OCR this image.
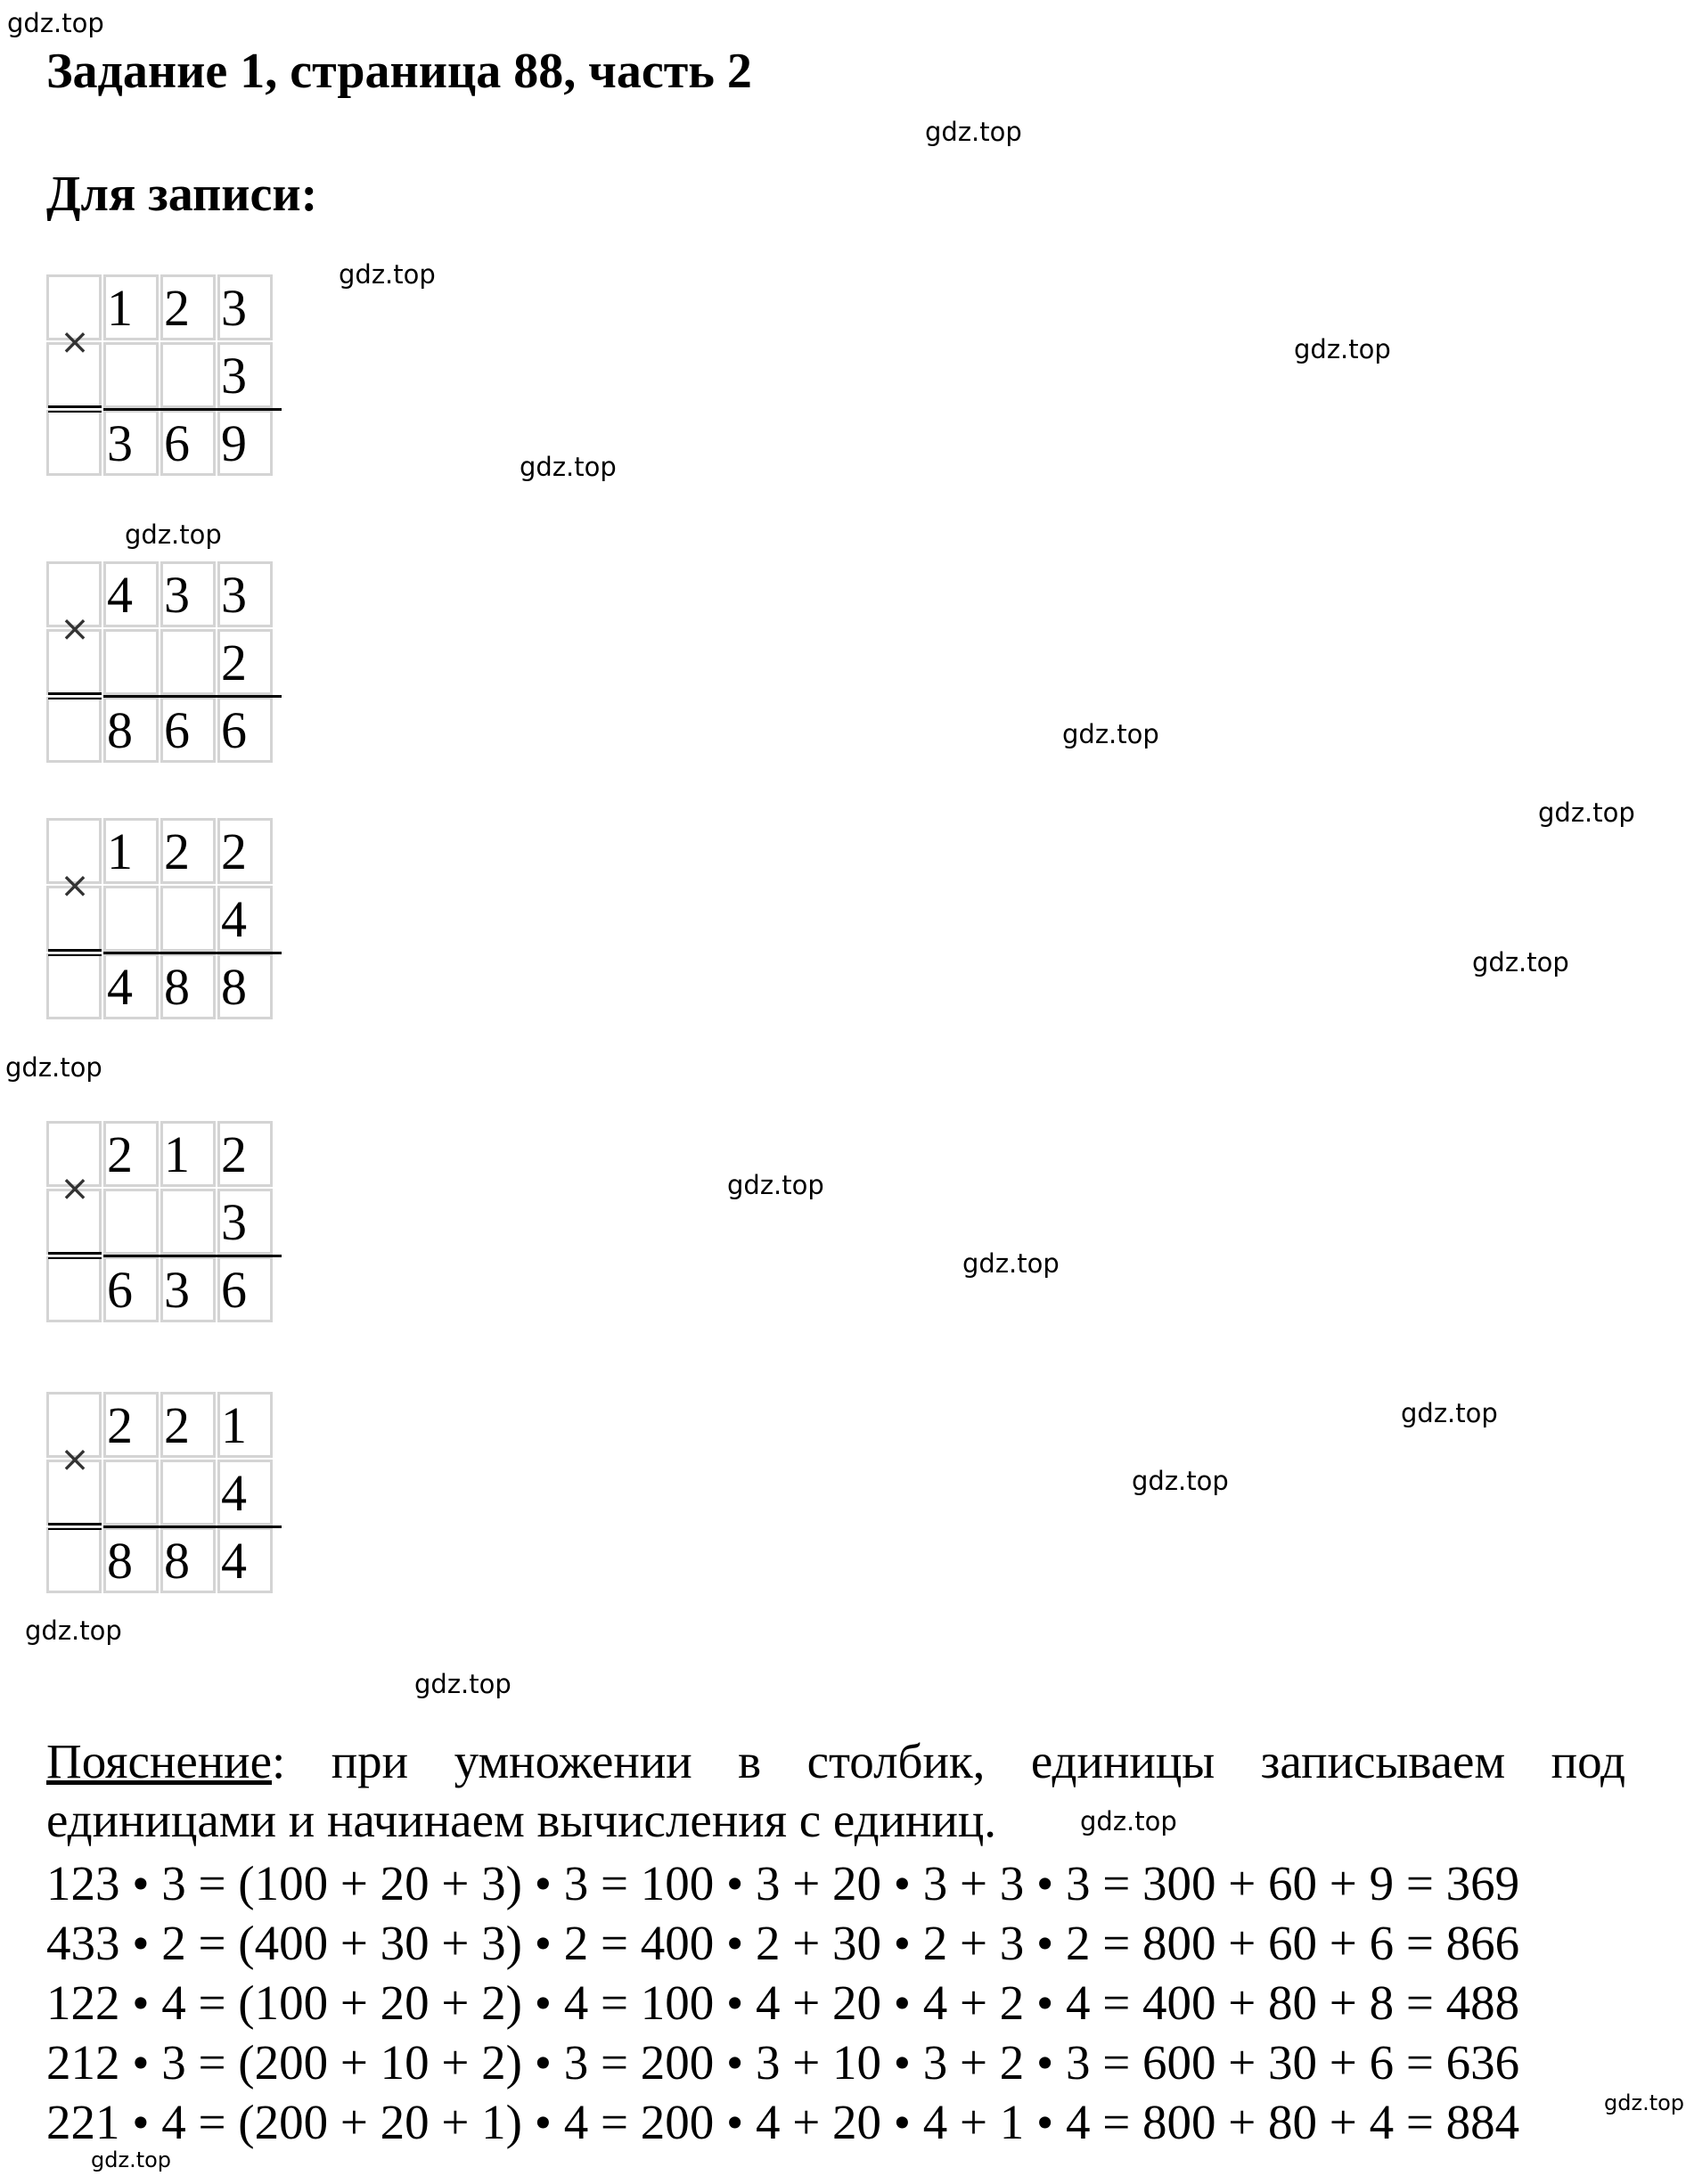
Задание 1, страница 88, часть 2
Для записи:
1 2 3
3
3 6 9
×
4 3 3
2
8 6 6
×
1 2 2
4
4 8 8
×
2 1 2
3
6 3 6
×
2 2 1
4
8 8 4
×
Пояснение: при умножении в столбик, единицы записываем под единицами и начинаем вычисления с единиц.
123 • 3 = (100 + 20 + 3) • 3 = 100 • 3 + 20 • 3 + 3 • 3 = 300 + 60 + 9 = 369
433 • 2 = (400 + 30 + 3) • 2 = 400 • 2 + 30 • 2 + 3 • 2 = 800 + 60 + 6 = 866
122 • 4 = (100 + 20 + 2) • 4 = 100 • 4 + 20 • 4 + 2 • 4 = 400 + 80 + 8 = 488
212 • 3 = (200 + 10 + 2) • 3 = 200 • 3 + 10 • 3 + 2 • 3 = 600 + 30 + 6 = 636
221 • 4 = (200 + 20 + 1) • 4 = 200 • 4 + 20 • 4 + 1 • 4 = 800 + 80 + 4 = 884
gdz.top
gdz.top
gdz.top
gdz.top
gdz.top
gdz.top
gdz.top
gdz.top
gdz.top
gdz.top
gdz.top
gdz.top
gdz.top
gdz.top
gdz.top
gdz.top
gdz.top
gdz.top
gdz.top
